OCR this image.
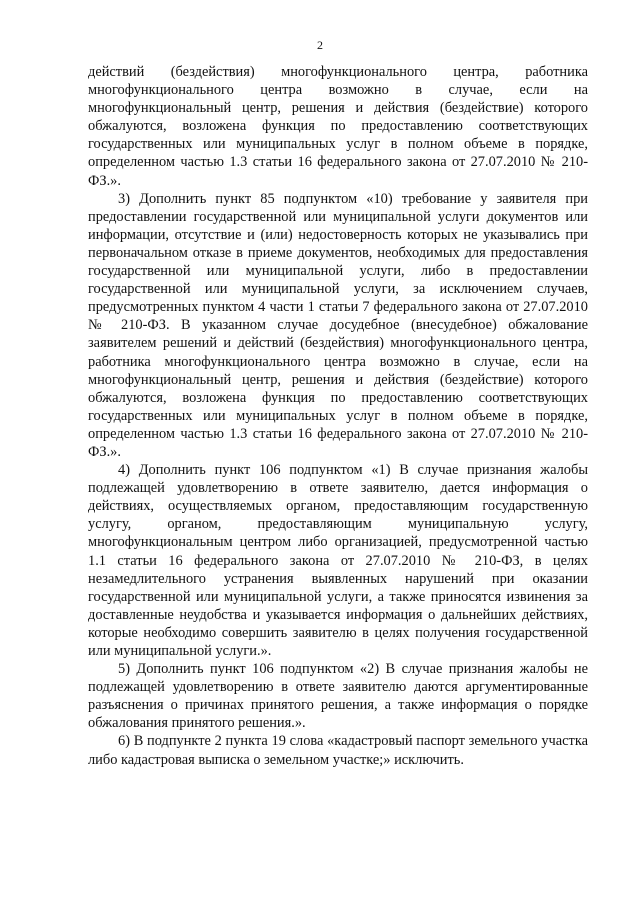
2

действий (бездействия) многофункционального центра, работника многофункционального центра возможно в случае, если на многофункциональный центр, решения и действия (бездействие) которого обжалуются, возложена функция по предоставлению соответствующих государственных или муниципальных услуг в полном объеме в порядке, определенном частью 1.3 статьи 16 федерального закона от 27.07.2010 № 210-ФЗ.».

3) Дополнить пункт 85 подпунктом «10) требование у заявителя при предоставлении государственной или муниципальной услуги документов или информации, отсутствие и (или) недостоверность которых не указывались при первоначальном отказе в приеме документов, необходимых для предоставления государственной или муниципальной услуги, либо в предоставлении государственной или муниципальной услуги, за исключением случаев, предусмотренных пунктом 4 части 1 статьи 7 федерального закона от 27.07.2010 № 210-ФЗ. В указанном случае досудебное (внесудебное) обжалование заявителем решений и действий (бездействия) многофункционального центра, работника многофункционального центра возможно в случае, если на многофункциональный центр, решения и действия (бездействие) которого обжалуются, возложена функция по предоставлению соответствующих государственных или муниципальных услуг в полном объеме в порядке, определенном частью 1.3 статьи 16 федерального закона от 27.07.2010 № 210-ФЗ.».

4) Дополнить пункт 106 подпунктом «1) В случае признания жалобы подлежащей удовлетворению в ответе заявителю, дается информация о действиях, осуществляемых органом, предоставляющим государственную услугу, органом, предоставляющим муниципальную услугу, многофункциональным центром либо организацией, предусмотренной частью 1.1 статьи 16 федерального закона от 27.07.2010 № 210-ФЗ, в целях незамедлительного устранения выявленных нарушений при оказании государственной или муниципальной услуги, а также приносятся извинения за доставленные неудобства и указывается информация о дальнейших действиях, которые необходимо совершить заявителю в целях получения государственной или муниципальной услуги.».

5) Дополнить пункт 106 подпунктом «2) В случае признания жалобы не подлежащей удовлетворению в ответе заявителю даются аргументированные разъяснения о причинах принятого решения, а также информация о порядке обжалования принятого решения.».

6) В подпункте 2 пункта 19 слова «кадастровый паспорт земельного участка либо кадастровая выписка о земельном участке;» исключить.
